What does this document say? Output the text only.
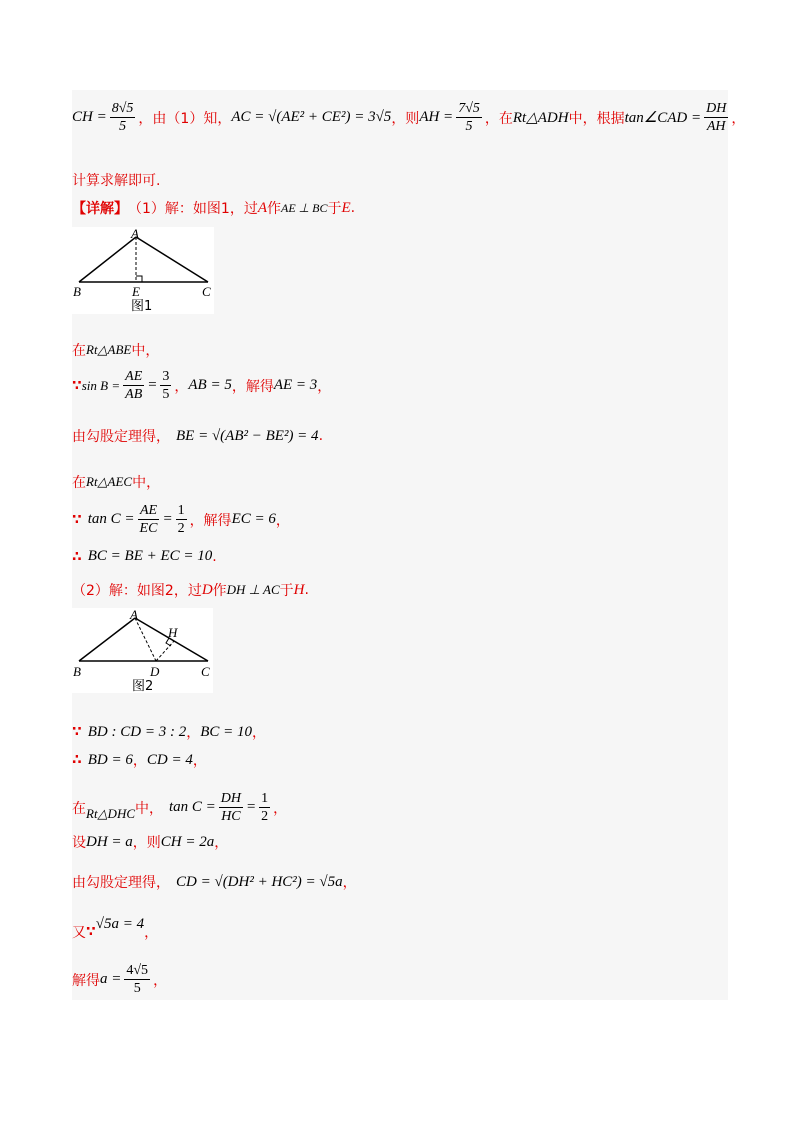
CH = $\frac{8√5}{5}$ ，由（1）知， AC = √(AE² + CE²) = 3√5 ，则 AH = $\frac{7√5}{5}$ ，在 Rt△ADH 中，根据 tan∠CAD = $\frac{DH}{AH}$ ，
计算求解即可.
【详解】 （1）解：如图1，过 A 作 AE ⊥ BC 于 E .
A
B	C
E
图1
在 Rt△ABE 中，
∵ $\sin B = \frac{AE}{AB} = \frac{3}{5}$ ， AB = 5 ，解得 AE = 3 ，
由勾股定理得， BE = √(AB² − BE²) = 4 .
在 Rt△AEC 中，
∵ $\tan C = \frac{AE}{EC} = \frac{1}{2}$ ，解得 EC = 6 ，
∴ BC = BE + EC = 10 .
（2）解：如图2，过 D 作 DH ⊥ AC 于 H .
A
H
B	D	C
图2
∵ BD : CD = 3 : 2 ， BC = 10 ，
∴ BD = 6 ， CD = 4 ，
在 Rt△DHC 中， $\tan C = \frac{DH}{HC} = \frac{1}{2}$ ，
设 DH = a ，则 CH = 2a ，
由勾股定理得， CD = √(DH² + HC²) = √5a ，
又 ∵
√5a = 4
，
解得 $a = \frac{4√5}{5}$ ，
